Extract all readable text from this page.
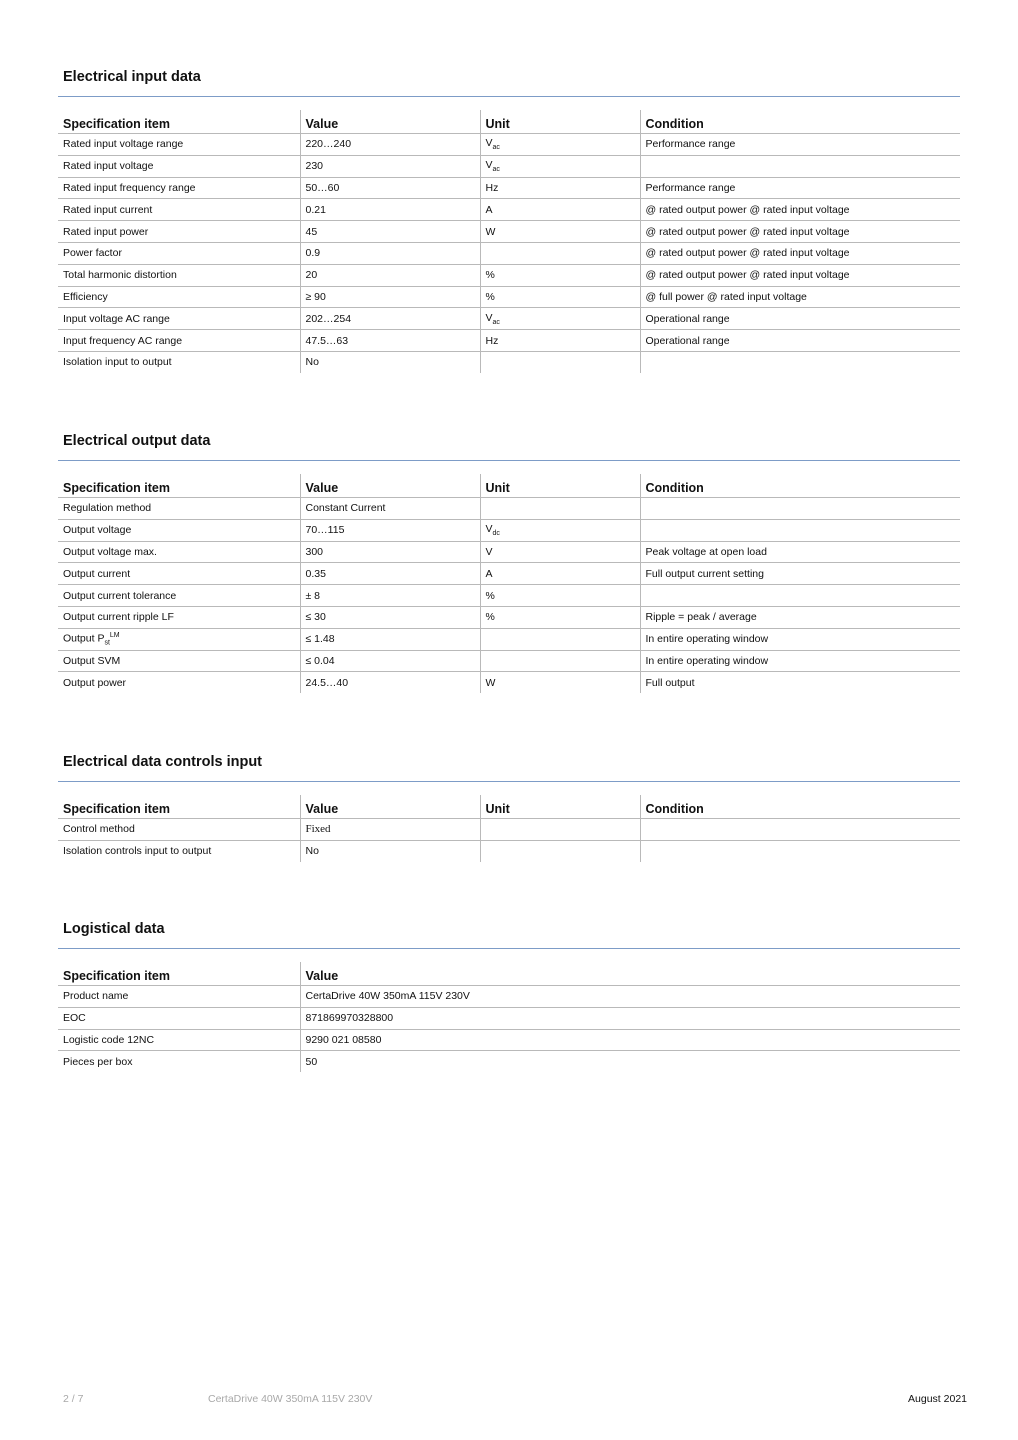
Electrical input data
Specification item	Value	Unit	Condition
Rated input voltage range	220…240	$V_{ac}$	Performance range
Rated input voltage	230	$V_{ac}$	
Rated input frequency range	50…60	Hz	Performance range
Rated input current	0.21	A	@ rated output power @ rated input voltage
Rated input power	45	W	@ rated output power @ rated input voltage
Power factor	0.9		@ rated output power @ rated input voltage
Total harmonic distortion	20	%	@ rated output power @ rated input voltage
Efficiency	≥ 90	%	@ full power @ rated input voltage
Input voltage AC range	202…254	$V_{ac}$	Operational range
Input frequency AC range	47.5…63	Hz	Operational range
Isolation input to output	No		
Electrical output data
Specification item	Value	Unit	Condition
Regulation method	Constant Current		
Output voltage	70…115	$V_{dc}$	
Output voltage max.	300	V	Peak voltage at open load
Output current	0.35	A	Full output current setting
Output current tolerance	± 8	%	
Output current ripple LF	≤ 30	%	Ripple = peak / average
Output $P_{st}^{LM}$	≤ 1.48		In entire operating window
Output SVM	≤ 0.04		In entire operating window
Output power	24.5…40	W	Full output
Electrical data controls input
Specification item	Value	Unit	Condition
Control method	Fixed		
Isolation controls input to output	No		
Logistical data
Specification item	Value
Product name	CertaDrive 40W 350mA 115V 230V
EOC	871869970328800
Logistic code 12NC	9290 021 08580
Pieces per box	50
2 / 7	CertaDrive 40W 350mA 115V 230V	August 2021
